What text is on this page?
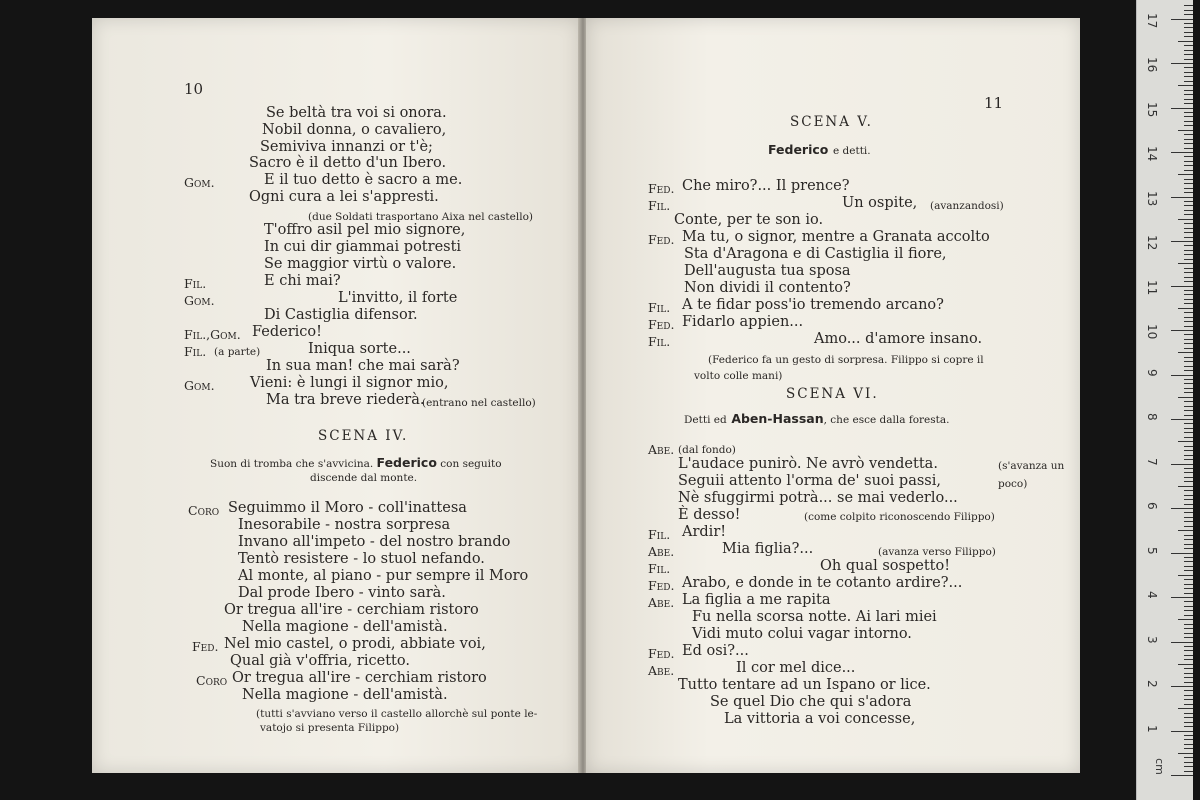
10
Se beltà tra voi si onora.
Nobil donna, o cavaliero,
Semiviva innanzi or t'è;
Sacro è il detto d'un Ibero.
Gom.	E il tuo detto è sacro a me.
Ogni cura a lei s'appresti.
(due Soldati trasportano Aixa nel castello)
T'offro asil pel mio signore,
In cui dir giammai potresti
Se maggior virtù o valore.
Fil.	E chi mai?
Gom.	L'invitto, il forte
Di Castiglia difensor.
Fil.,Gom. Federico!
Fil. (a parte)	Iniqua sorte...
In sua man! che mai sarà?
Gom. Vieni: è lungi il signor mio,
Ma tra breve riederà.
(entrano nel castello)
SCENA IV.
Suon di tromba che s'avvicina. Federico con seguito
discende dal monte.
Coro Seguimmo il Moro - coll'inattesa
Inesorabile - nostra sorpresa
Invano all'impeto - del nostro brando
Tentò resistere - lo stuol nefando.
Al monte, al piano - pur sempre il Moro
Dal prode Ibero - vinto sarà.
Or tregua all'ire - cerchiam ristoro
Nella magione - dell'amistà.
Fed. Nel mio castel, o prodi, abbiate voi,
Qual già v'offria, ricetto.
Coro Or tregua all'ire - cerchiam ristoro
Nella magione - dell'amistà.
(tutti s'avviano verso il castello allorchè sul ponte le-
vatojo si presenta Filippo)
11
SCENA V.
Federico e detti.
Fed. Che miro?... Il prence?
Fil.	Un ospite, (avanzandosi)
Conte, per te son io.
Fed. Ma tu, o signor, mentre a Granata accolto
Sta d'Aragona e di Castiglia il fiore,
Dell'augusta tua sposa
Non dividi il contento?
Fil. A te fidar poss'io tremendo arcano?
Fed. Fidarlo appien...
Fil.	Amo... d'amore insano.
(Federico fa un gesto di sorpresa. Filippo si copre il
volto colle mani)
SCENA VI.
Detti ed Aben-Hassan, che esce dalla foresta.
Abe. (dal fondo)
L'audace punirò. Ne avrò vendetta.	(s'avanza un
Seguii attento l'orma de' suoi passi,	poco)
Nè sfuggirmi potrà... se mai vederlo...
È desso!	(come colpito riconoscendo Filippo)
Fil. Ardir!
Abe.	Mia figlia?...	(avanza verso Filippo)
Fil.	Oh qual sospetto!
Fed. Arabo, e donde in te cotanto ardire?...
Abe. La figlia a me rapita
Fu nella scorsa notte. Ai lari miei
Vidi muto colui vagar intorno.
Fed. Ed osi?...
Abe.	Il cor mel dice...
Tutto tentare ad un Ispano or lice.
Se quel Dio che qui s'adora
La vittoria a voi concesse,
1
2
3
4
5
6
7
8
9
10
11
12
13
14
15
16
17
cm
